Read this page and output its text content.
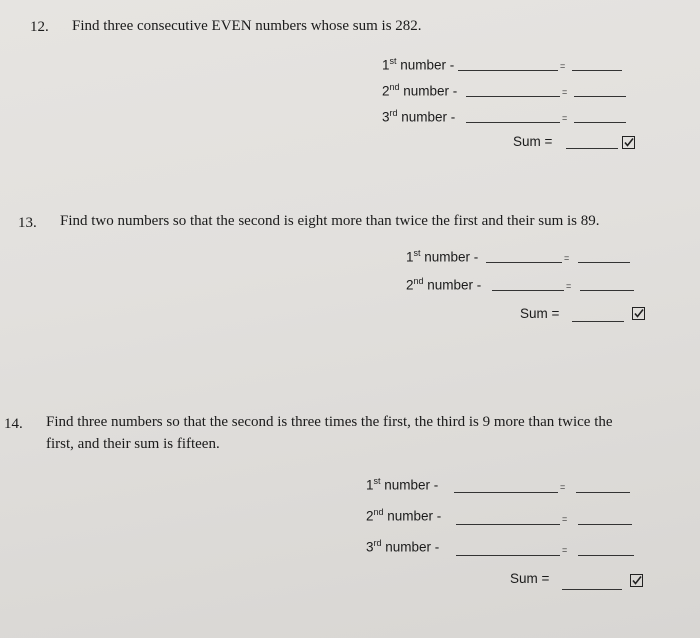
12. Find three consecutive EVEN numbers whose sum is 282.
1st number -	=
2nd number -	=
3rd number -	=
Sum =
13. Find two numbers so that the second is eight more than twice the first and their sum is 89.
1st number -	=
2nd number -	=
Sum =
14. Find three numbers so that the second is three times the first, the third is 9 more than twice the first, and their sum is fifteen.
1st number -	=
2nd number -	=
3rd number -	=
Sum =
